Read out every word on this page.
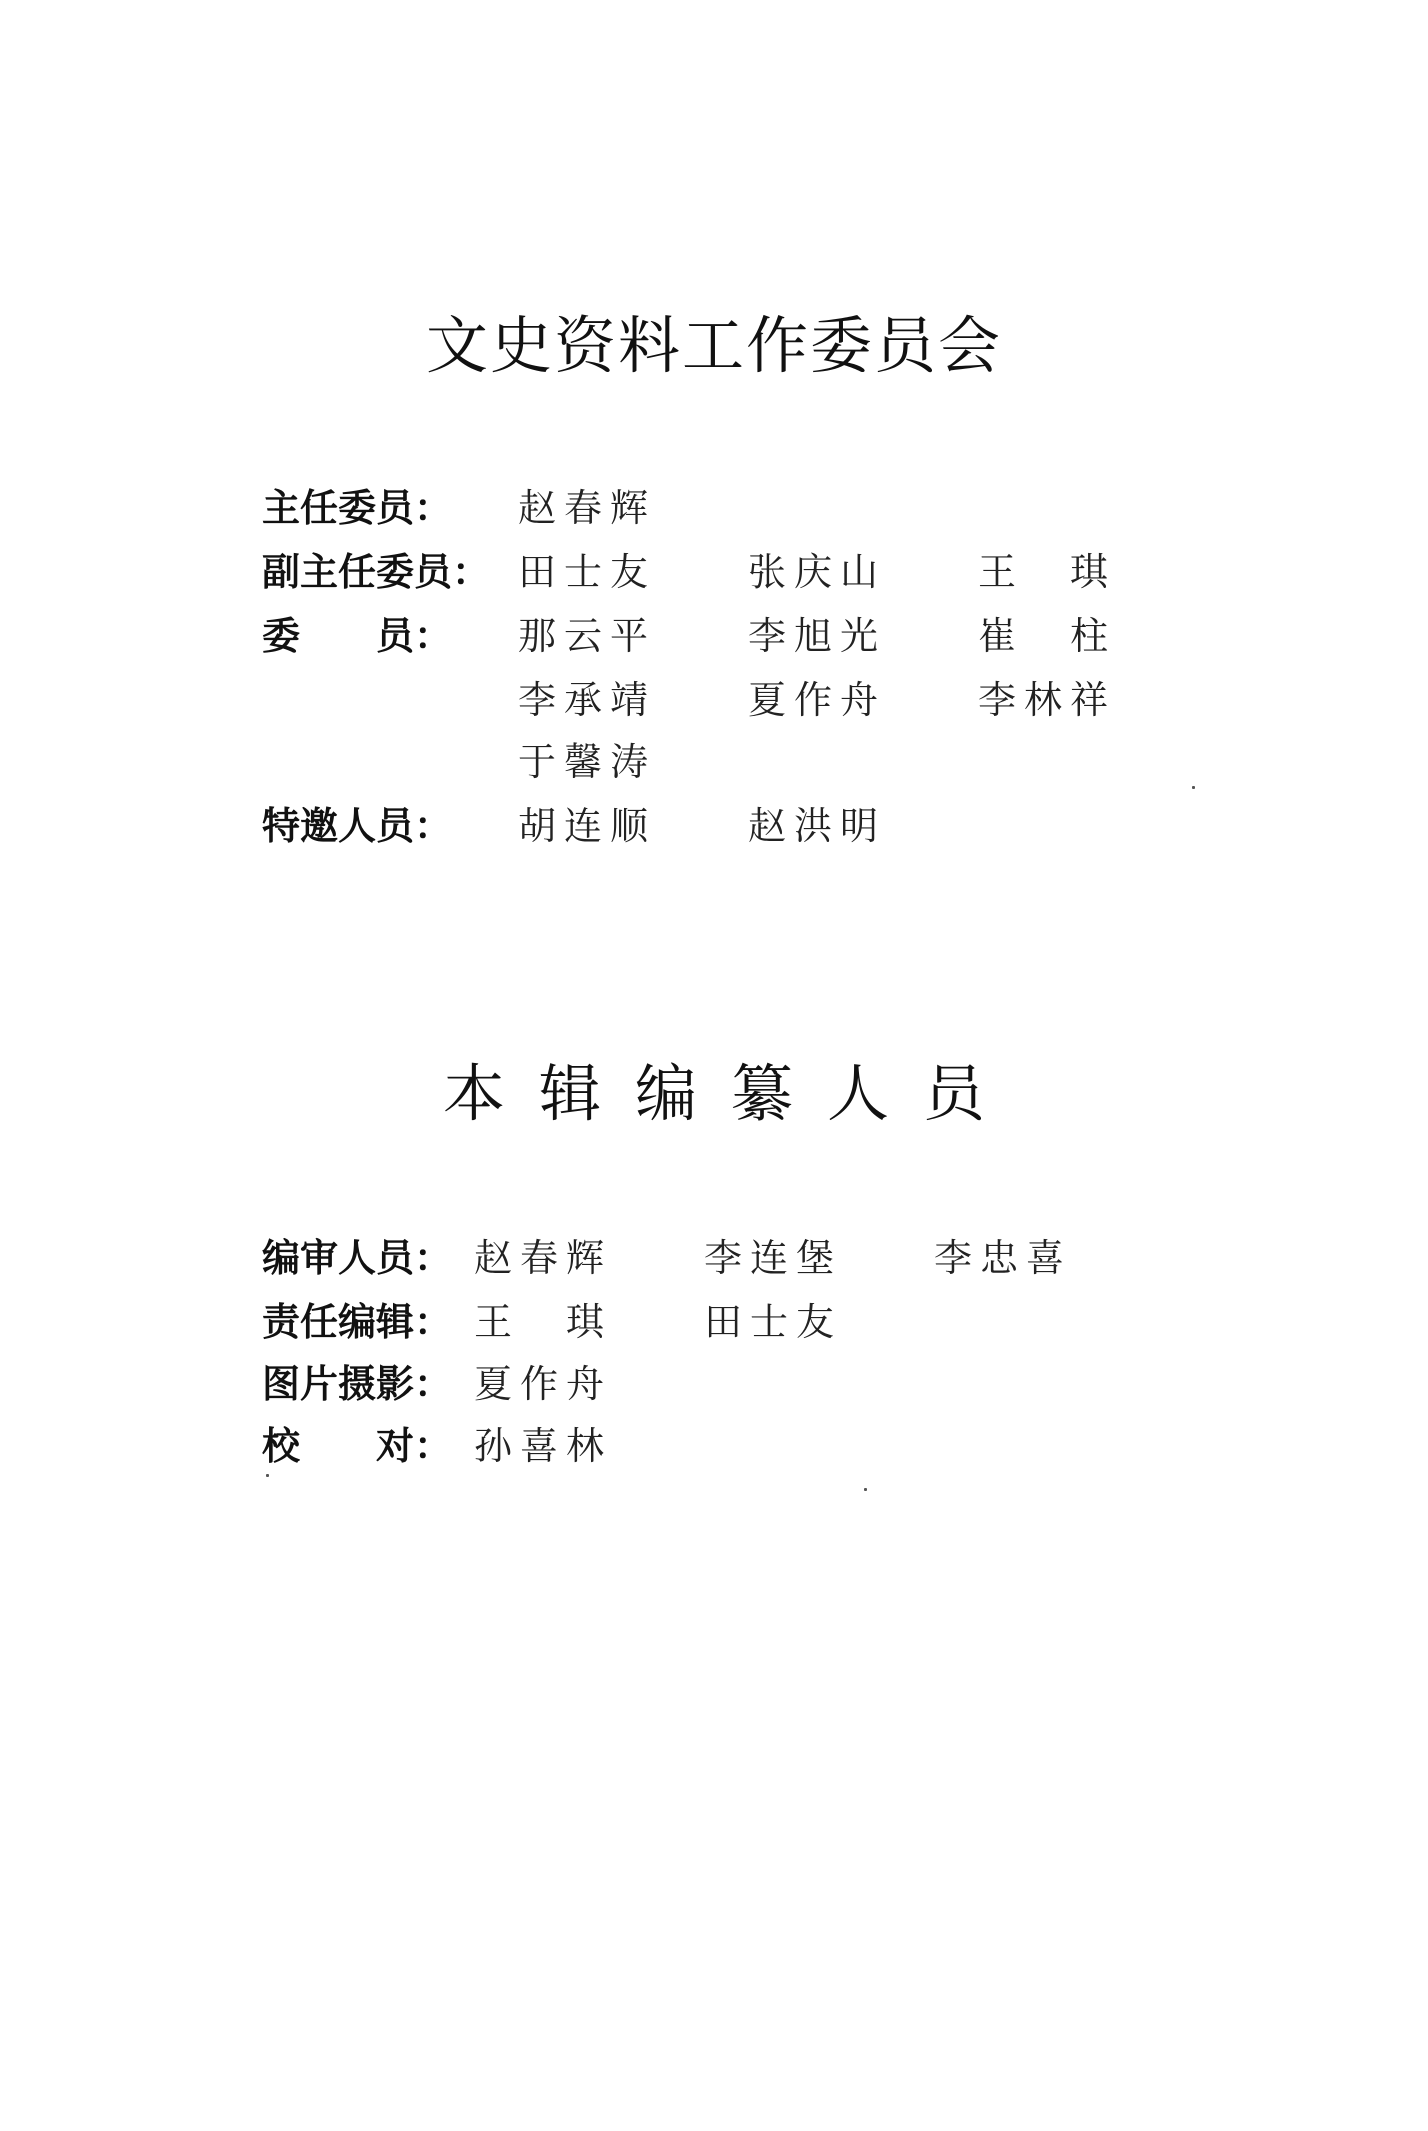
文史资料工作委员会
主任委员： 赵春辉
副主任委员： 田士友 张庆山 王　琪
委　　员： 那云平 李旭光 崔　柱
李承靖 夏作舟 李林祥
于馨涛
特邀人员： 胡连顺 赵洪明
本辑编纂人员
编审人员： 赵春辉 李连堡 李忠喜
责任编辑： 王　琪 田士友
图片摄影： 夏作舟
校　　对： 孙喜林
